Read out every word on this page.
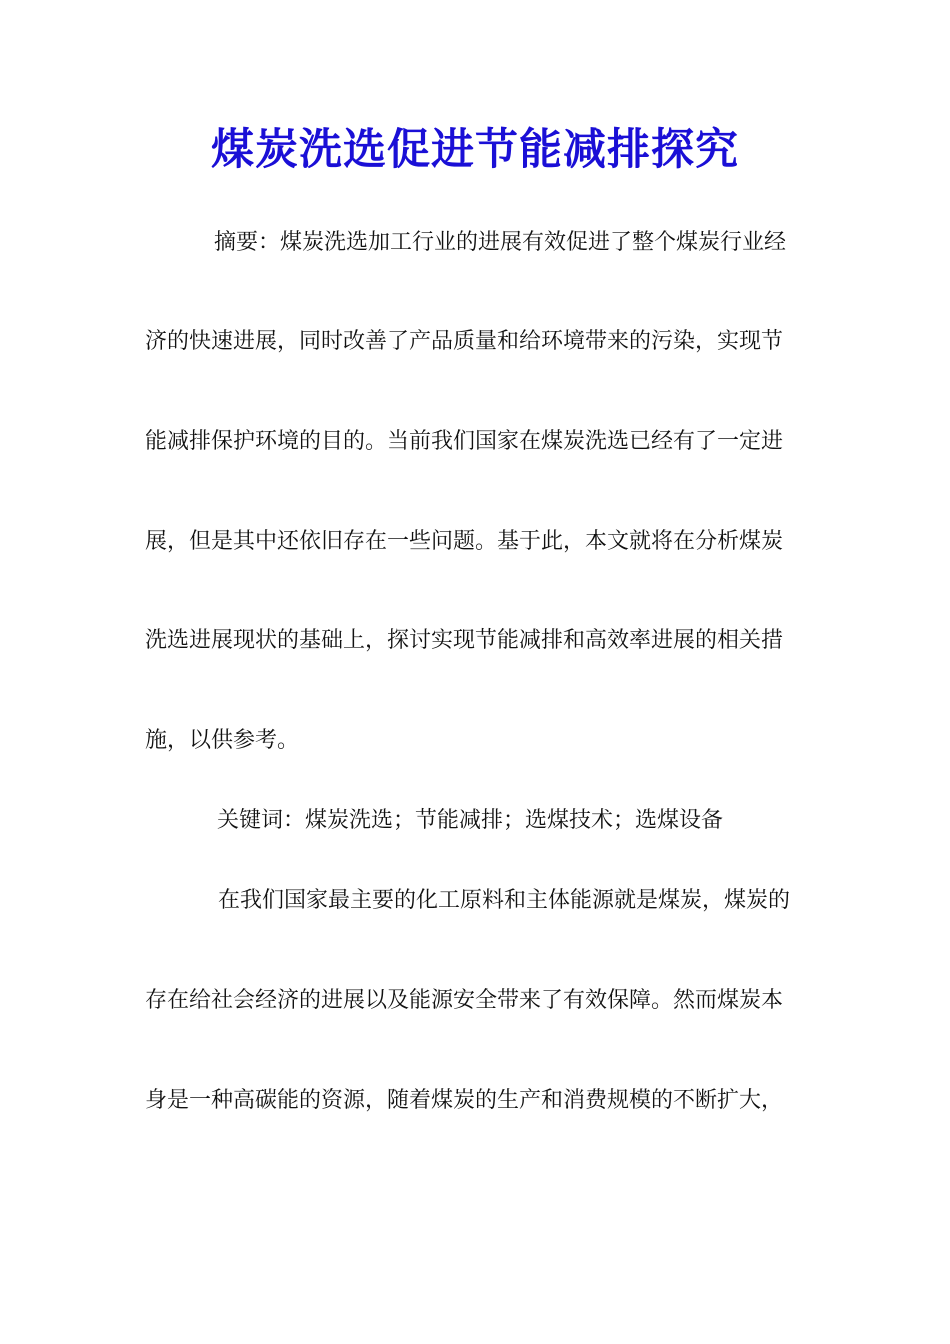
煤炭洗选促进节能减排探究
摘要：煤炭洗选加工行业的进展有效促进了整个煤炭行业经
济的快速进展，同时改善了产品质量和给环境带来的污染，实现节
能减排保护环境的目的。当前我们国家在煤炭洗选已经有了一定进
展，但是其中还依旧存在一些问题。基于此，本文就将在分析煤炭
洗选进展现状的基础上，探讨实现节能减排和高效率进展的相关措
施，以供参考。
关键词：煤炭洗选；节能减排；选煤技术；选煤设备
在我们国家最主要的化工原料和主体能源就是煤炭，煤炭的
存在给社会经济的进展以及能源安全带来了有效保障。然而煤炭本
身是一种高碳能的资源，随着煤炭的生产和消费规模的不断扩大，
